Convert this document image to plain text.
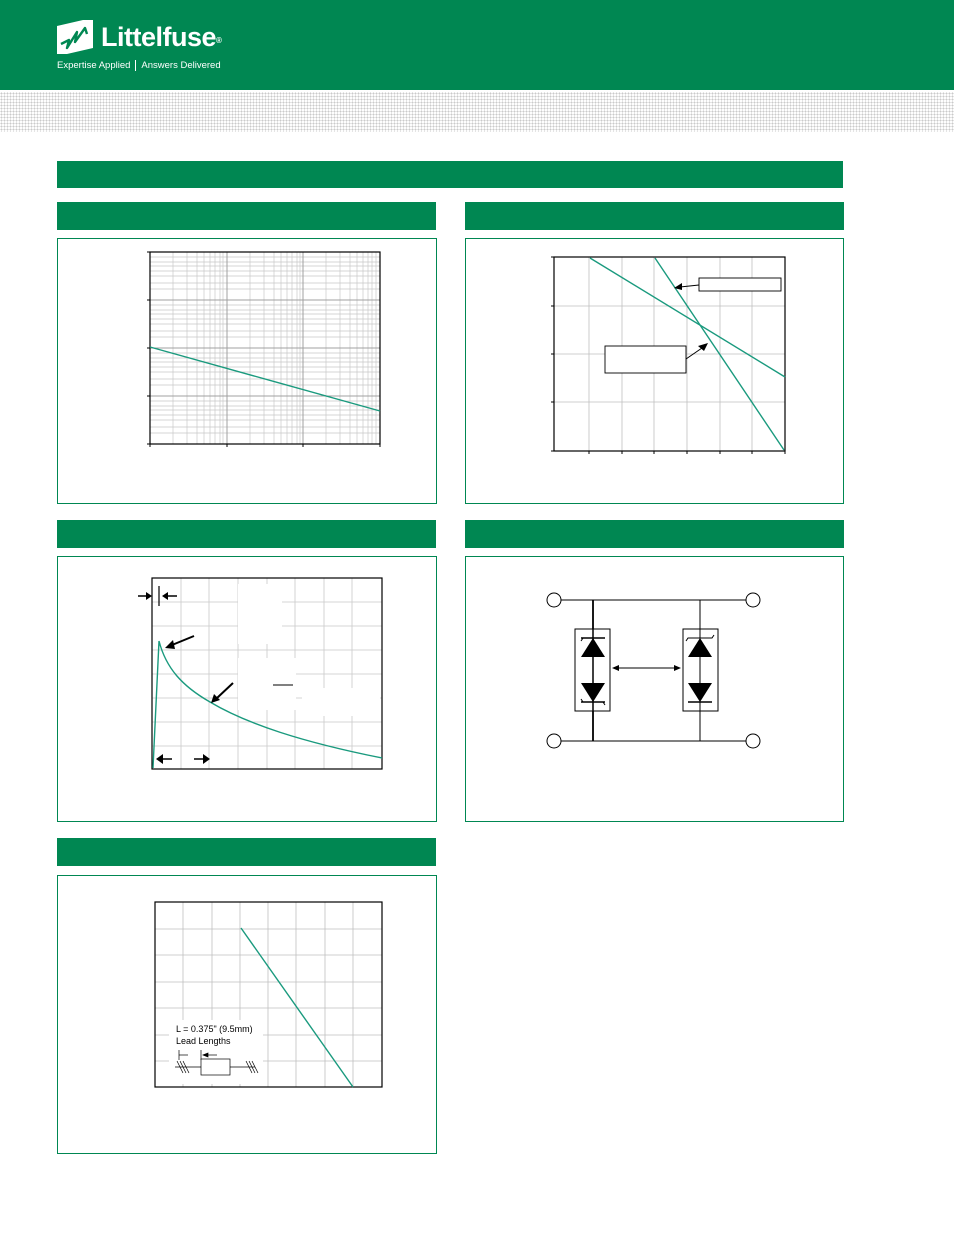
Littelfuse®
Expertise Applied Answers Delivered
L = 0.375" (9.5mm)
Lead Lengths
